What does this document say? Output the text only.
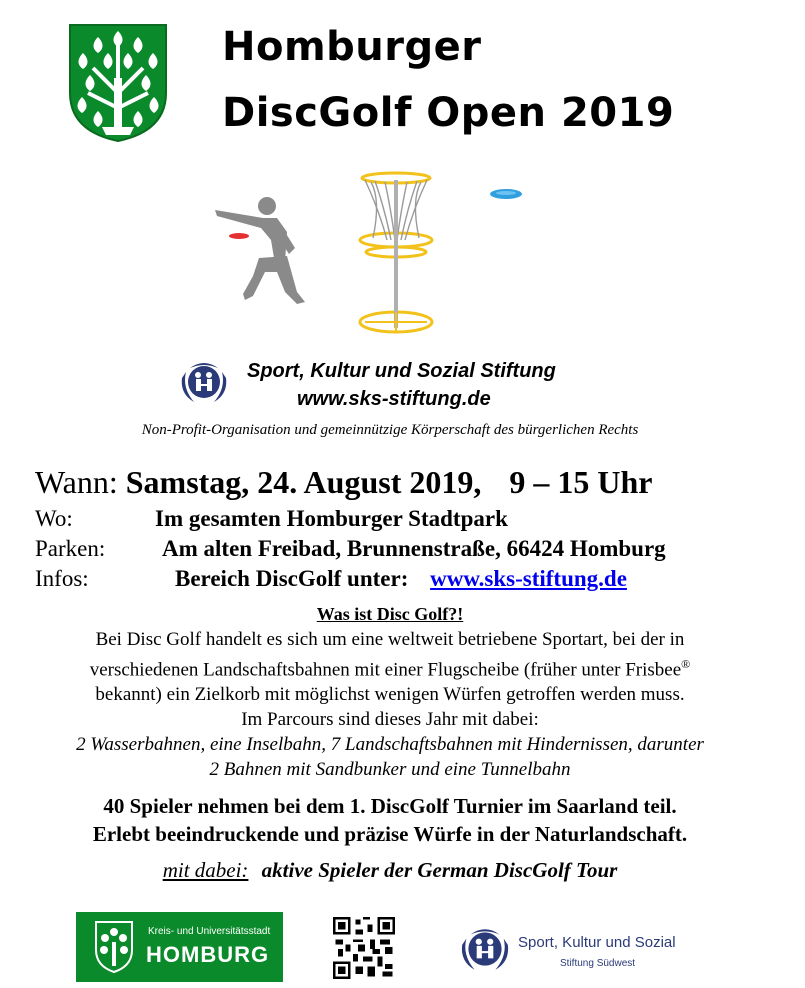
Homburger
DiscGolf Open 2019
Sport, Kultur und Sozial Stiftung
www.sks-stiftung.de
Non-Profit-Organisation und gemeinnützige Körperschaft des bürgerlichen Rechts
Wann: Samstag, 24. August 2019, 9 – 15 Uhr
Wo:	Im gesamten Homburger Stadtpark
Parken: Am alten Freibad, Brunnenstraße, 66424 Homburg
Infos:	Bereich DiscGolf unter: www.sks-stiftung.de
Was ist Disc Golf?!
Bei Disc Golf handelt es sich um eine weltweit betriebene Sportart, bei der in
verschiedenen Landschaftsbahnen mit einer Flugscheibe (früher unter Frisbee®
bekannt) ein Zielkorb mit möglichst wenigen Würfen getroffen werden muss.
Im Parcours sind dieses Jahr mit dabei:
2 Wasserbahnen, eine Inselbahn, 7 Landschaftsbahnen mit Hindernissen, darunter
2 Bahnen mit Sandbunker und eine Tunnelbahn
40 Spieler nehmen bei dem 1. DiscGolf Turnier im Saarland teil.
Erlebt beeindruckende und präzise Würfe in der Naturlandschaft.
mit dabei: aktive Spieler der German DiscGolf Tour
Kreis- und Universitätsstadt
HOMBURG	Sport, Kultur und Sozial
Stiftung Südwest
